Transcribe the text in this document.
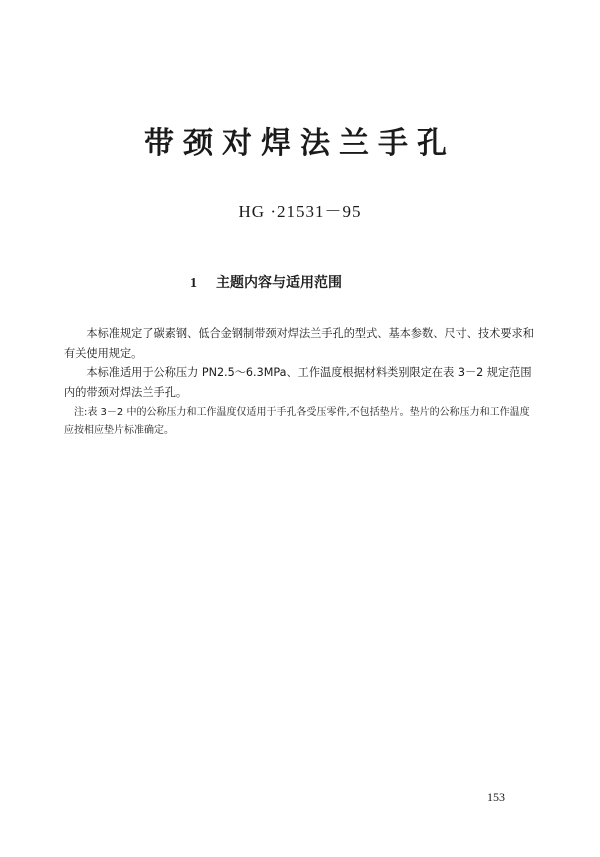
带颈对焊法兰手孔
HG ·21531－95
1 主题内容与适用范围

本标准规定了碳素钢、低合金钢制带颈对焊法兰手孔的型式、基本参数、尺寸、技术要求和有关使用规定。

本标准适用于公称压力 PN2.5～6.3MPa、工作温度根据材料类别限定在表 3－2 规定范围内的带颈对焊法兰手孔。

注:表 3－2 中的公称压力和工作温度仅适用于手孔各受压零件,不包括垫片。垫片的公称压力和工作温度应按相应垫片标准确定。

153
